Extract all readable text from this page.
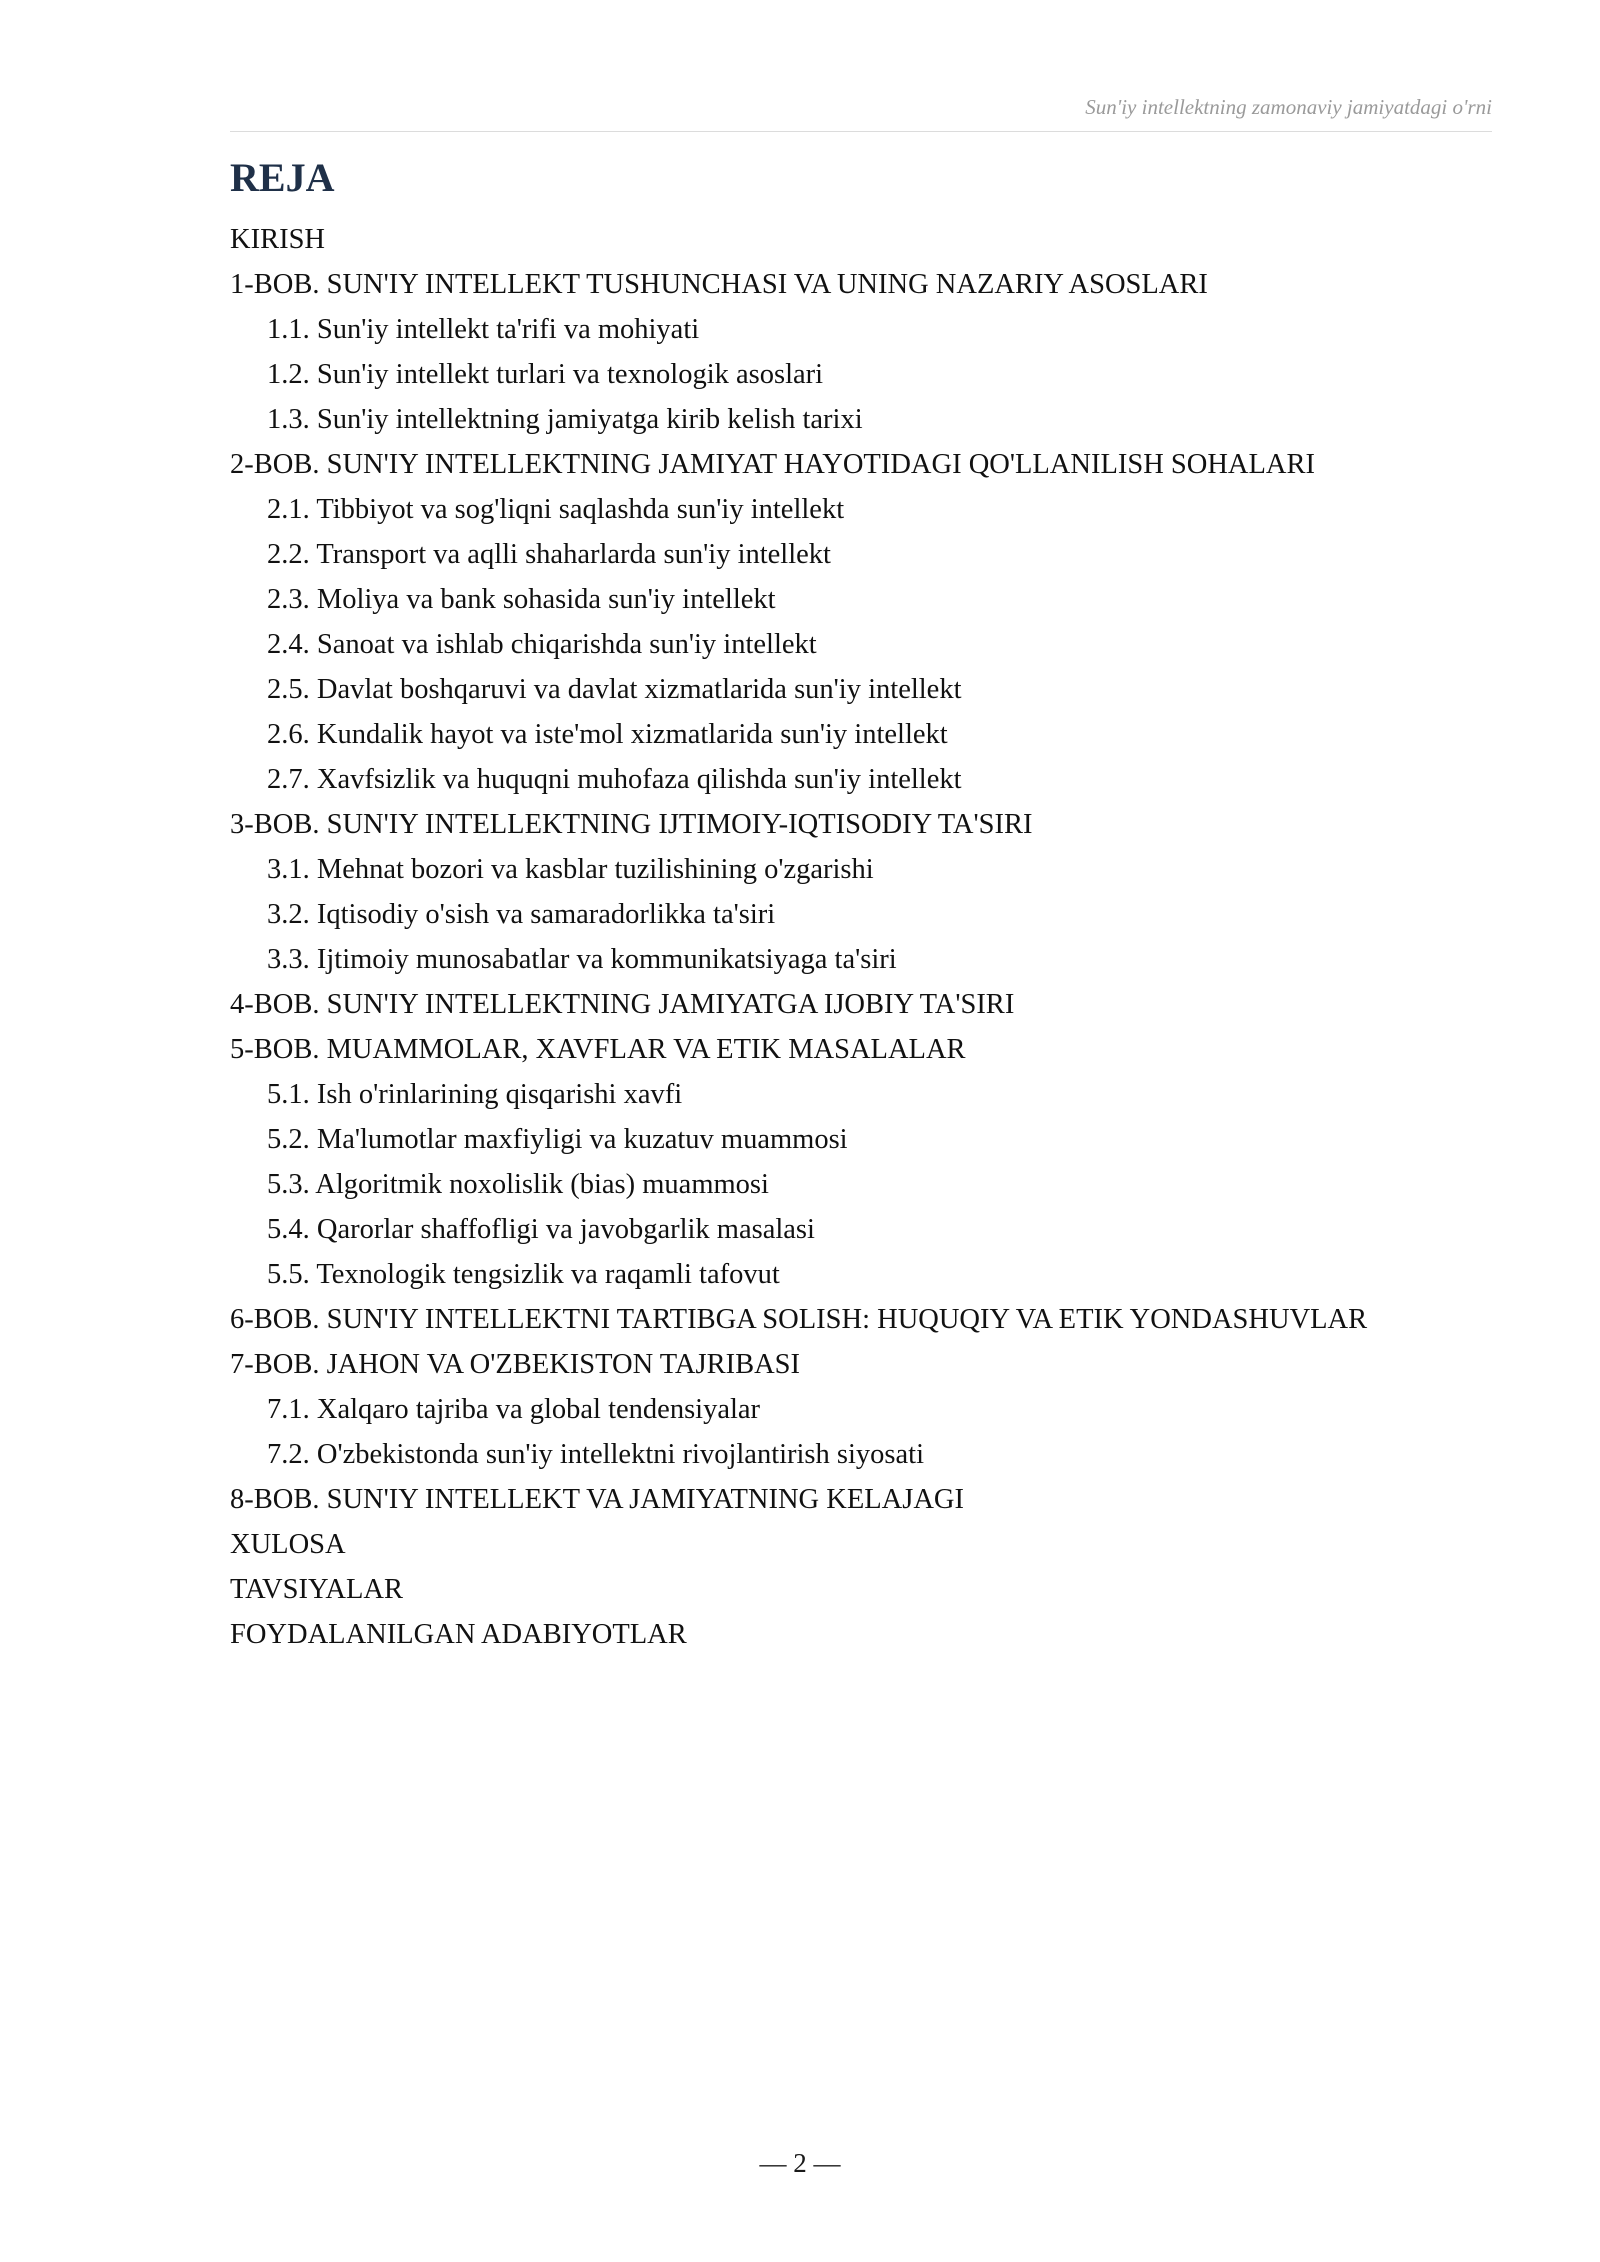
Sun'iy intellektning zamonaviy jamiyatdagi o'rni
REJA
KIRISH
1-BOB. SUN'IY INTELLEKT TUSHUNCHASI VA UNING NAZARIY ASOSLARI
1.1. Sun'iy intellekt ta'rifi va mohiyati
1.2. Sun'iy intellekt turlari va texnologik asoslari
1.3. Sun'iy intellektning jamiyatga kirib kelish tarixi
2-BOB. SUN'IY INTELLEKTNING JAMIYAT HAYOTIDAGI QO'LLANILISH SOHALARI
2.1. Tibbiyot va sog'liqni saqlashda sun'iy intellekt
2.2. Transport va aqlli shaharlarda sun'iy intellekt
2.3. Moliya va bank sohasida sun'iy intellekt
2.4. Sanoat va ishlab chiqarishda sun'iy intellekt
2.5. Davlat boshqaruvi va davlat xizmatlarida sun'iy intellekt
2.6. Kundalik hayot va iste'mol xizmatlarida sun'iy intellekt
2.7. Xavfsizlik va huquqni muhofaza qilishda sun'iy intellekt
3-BOB. SUN'IY INTELLEKTNING IJTIMOIY-IQTISODIY TA'SIRI
3.1. Mehnat bozori va kasblar tuzilishining o'zgarishi
3.2. Iqtisodiy o'sish va samaradorlikka ta'siri
3.3. Ijtimoiy munosabatlar va kommunikatsiyaga ta'siri
4-BOB. SUN'IY INTELLEKTNING JAMIYATGA IJOBIY TA'SIRI
5-BOB. MUAMMOLAR, XAVFLAR VA ETIK MASALALAR
5.1. Ish o'rinlarining qisqarishi xavfi
5.2. Ma'lumotlar maxfiyligi va kuzatuv muammosi
5.3. Algoritmik noxolislik (bias) muammosi
5.4. Qarorlar shaffofligi va javobgarlik masalasi
5.5. Texnologik tengsizlik va raqamli tafovut
6-BOB. SUN'IY INTELLEKTNI TARTIBGA SOLISH: HUQUQIY VA ETIK YONDASHUVLAR
7-BOB. JAHON VA O'ZBEKISTON TAJRIBASI
7.1. Xalqaro tajriba va global tendensiyalar
7.2. O'zbekistonda sun'iy intellektni rivojlantirish siyosati
8-BOB. SUN'IY INTELLEKT VA JAMIYATNING KELAJAGI
XULOSA
TAVSIYALAR
FOYDALANILGAN ADABIYOTLAR
— 2 —
